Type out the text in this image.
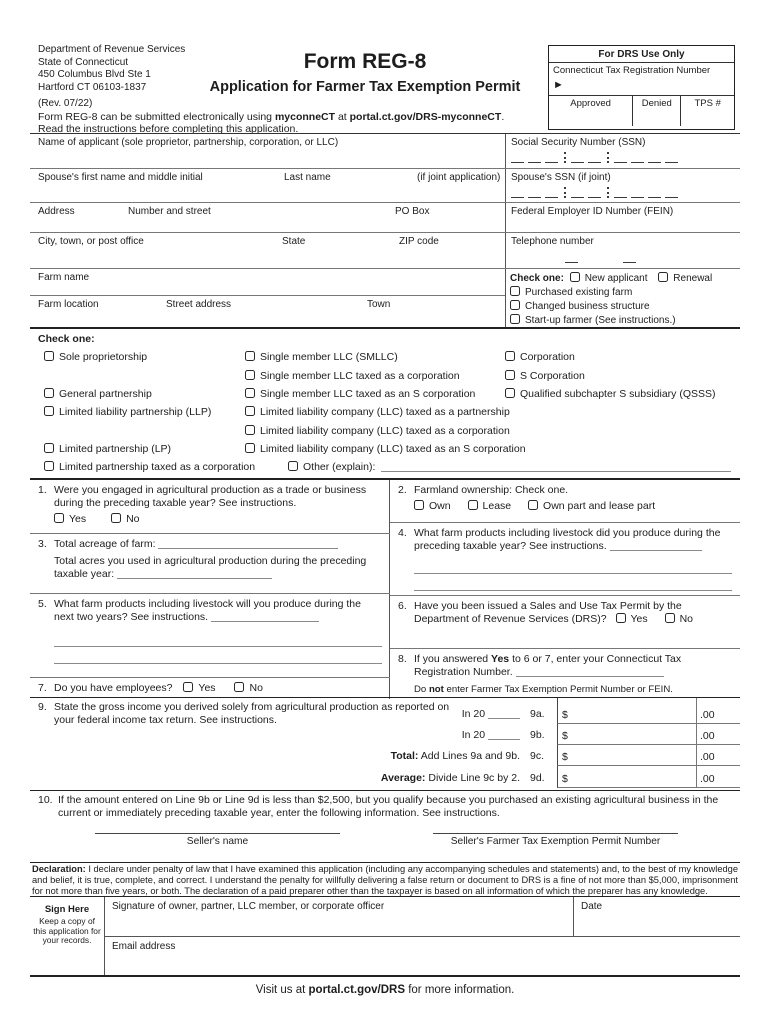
Department of Revenue Services
State of Connecticut
450 Columbus Blvd Ste 1
Hartford CT 06103-1837
(Rev. 07/22)
Form REG-8
Application for Farmer Tax Exemption Permit
Form REG-8 can be submitted electronically using myconneCT at portal.ct.gov/DRS-myconneCT.
Read the instructions before completing this application.
For DRS Use Only
Connecticut Tax Registration Number
►
Approved	Denied	TPS #
Name of applicant (sole proprietor, partnership, corporation, or LLC)
Spouse's first name and middle initial	Last name	(if joint application)
Address	Number and street	PO Box
City, town, or post office	State	ZIP code
Farm name
Farm location	Street address	Town
Social Security Number (SSN)
Spouse's SSN (if joint)
Federal Employer ID Number (FEIN)
Telephone number
Check one: New applicant	Renewal
Purchased existing farm
Changed business structure
Start-up farmer (See instructions.)
Check one:
Sole proprietorship	Single member LLC (SMLLC)	Corporation
Single member LLC taxed as a corporation	S Corporation
General partnership	Single member LLC taxed as an S corporation	Qualified subchapter S subsidiary (QSSS)
Limited liability partnership (LLP)	Limited liability company (LLC) taxed as a partnership
Limited liability company (LLC) taxed as a corporation
Limited partnership (LP)	Limited liability company (LLC) taxed as an S corporation
Limited partnership taxed as a corporation	Other (explain):
1. Were you engaged in agricultural production as a trade or business during the preceding taxable year? See instructions.
Yes	No
3. Total acreage of farm:
Total acres you used in agricultural production during the preceding taxable year:
5. What farm products including livestock will you produce during the next two years? See instructions.
7. Do you have employees? Yes	No
2. Farmland ownership: Check one.
Own	Lease	Own part and lease part
4. What farm products including livestock did you produce during the preceding taxable year? See instructions.
6. Have you been issued a Sales and Use Tax Permit by the Department of Revenue Services (DRS)? Yes	No
8. If you answered Yes to 6 or 7, enter your Connecticut Tax Registration Number.
Do not enter Farmer Tax Exemption Permit Number or FEIN.
9. State the gross income you derived solely from agricultural production as reported on your federal income tax return. See instructions.	In 20	9a.	$	.00
In 20	9b.	$	.00
Total: Add Lines 9a and 9b. 9c.	$	.00
Average: Divide Line 9c by 2. 9d.	$	.00
10. If the amount entered on Line 9b or Line 9d is less than $2,500, but you qualify because you purchased an existing agricultural business in the current or immediately preceding taxable year, enter the following information. See instructions.
Seller's name	Seller's Farmer Tax Exemption Permit Number
Declaration: I declare under penalty of law that I have examined this application (including any accompanying schedules and statements) and, to the best of my knowledge and belief, it is true, complete, and correct. I understand the penalty for willfully delivering a false return or document to DRS is a fine of not more than $5,000, imprisonment for not more than five years, or both. The declaration of a paid preparer other than the taxpayer is based on all information of which the preparer has any knowledge.
Sign Here
Keep a copy of this application for your records.
Signature of owner, partner, LLC member, or corporate officer	Date
Email address
Visit us at portal.ct.gov/DRS for more information.
